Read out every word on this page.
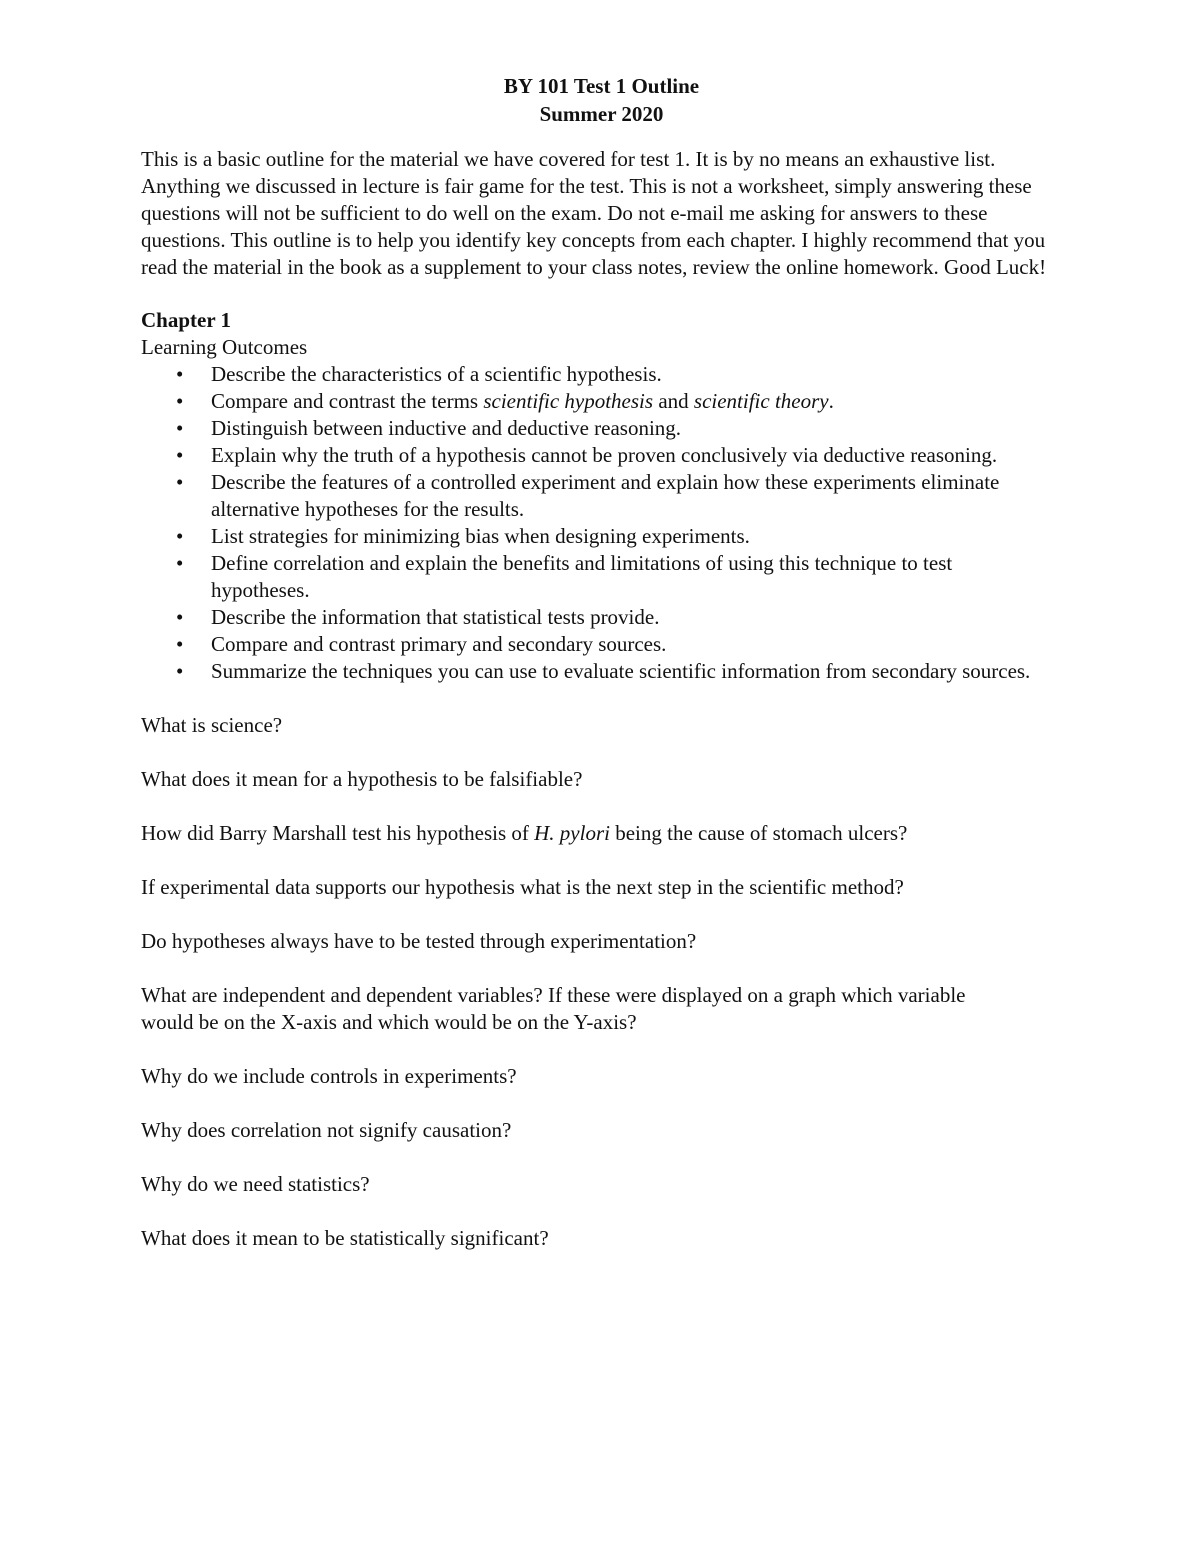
BY 101 Test 1 Outline
Summer 2020
This is a basic outline for the material we have covered for test 1. It is by no means an exhaustive list. Anything we discussed in lecture is fair game for the test. This is not a worksheet, simply answering these questions will not be sufficient to do well on the exam. Do not e-mail me asking for answers to these questions. This outline is to help you identify key concepts from each chapter. I highly recommend that you read the material in the book as a supplement to your class notes, review the online homework. Good Luck!
Chapter 1
Learning Outcomes
• Describe the characteristics of a scientific hypothesis.
• Compare and contrast the terms scientific hypothesis and scientific theory.
• Distinguish between inductive and deductive reasoning.
• Explain why the truth of a hypothesis cannot be proven conclusively via deductive reasoning.
• Describe the features of a controlled experiment and explain how these experiments eliminate alternative hypotheses for the results.
• List strategies for minimizing bias when designing experiments.
• Define correlation and explain the benefits and limitations of using this technique to test hypotheses.
• Describe the information that statistical tests provide.
• Compare and contrast primary and secondary sources.
• Summarize the techniques you can use to evaluate scientific information from secondary sources.

What is science?

What does it mean for a hypothesis to be falsifiable?

How did Barry Marshall test his hypothesis of H. pylori being the cause of stomach ulcers?

If experimental data supports our hypothesis what is the next step in the scientific method?

Do hypotheses always have to be tested through experimentation?

What are independent and dependent variables? If these were displayed on a graph which variable would be on the X-axis and which would be on the Y-axis?

Why do we include controls in experiments?

Why does correlation not signify causation?

Why do we need statistics?

What does it mean to be statistically significant?
